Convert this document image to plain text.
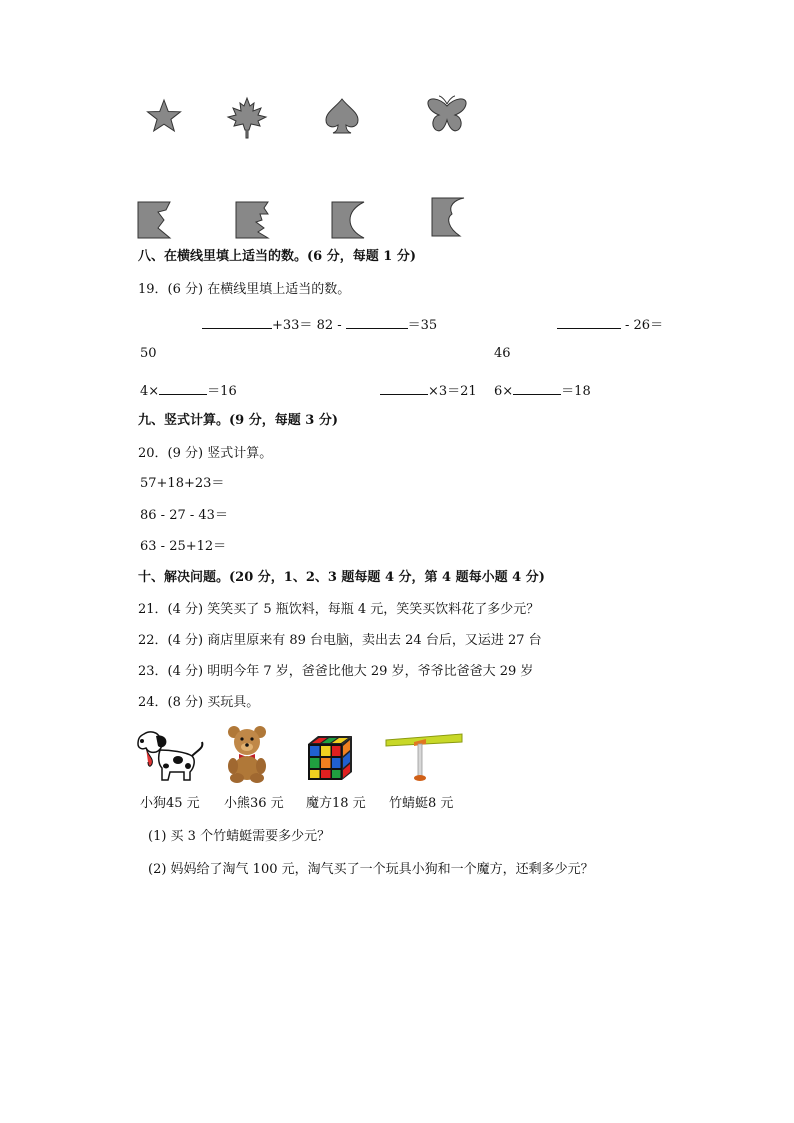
八、在横线里填上适当的数。(6 分，每题 1 分)
19．(6 分) 在横线里填上适当的数。
+33＝ 82 -	＝35	- 26＝
50	46
4×	＝16	×3＝21 6×	＝18
九、竖式计算。(9 分，每题 3 分)
20．(9 分) 竖式计算。
57+18+23＝
86 - 27 - 43＝
63 - 25+12＝
十、解决问题。(20 分，1、2、3 题每题 4 分，第 4 题每小题 4 分)
21．(4 分) 笑笑买了 5 瓶饮料，每瓶 4 元，笑笑买饮料花了多少元？
22．(4 分) 商店里原来有 89 台电脑，卖出去 24 台后，又运进 27 台
23．(4 分) 明明今年 7 岁，爸爸比他大 29 岁，爷爷比爸爸大 29 岁
24．(8 分) 买玩具。
小狗45 元 小熊36 元 魔方18 元 竹蜻蜓8 元
(1) 买 3 个竹蜻蜓需要多少元？
(2) 妈妈给了淘气 100 元，淘气买了一个玩具小狗和一个魔方，还剩多少元？
